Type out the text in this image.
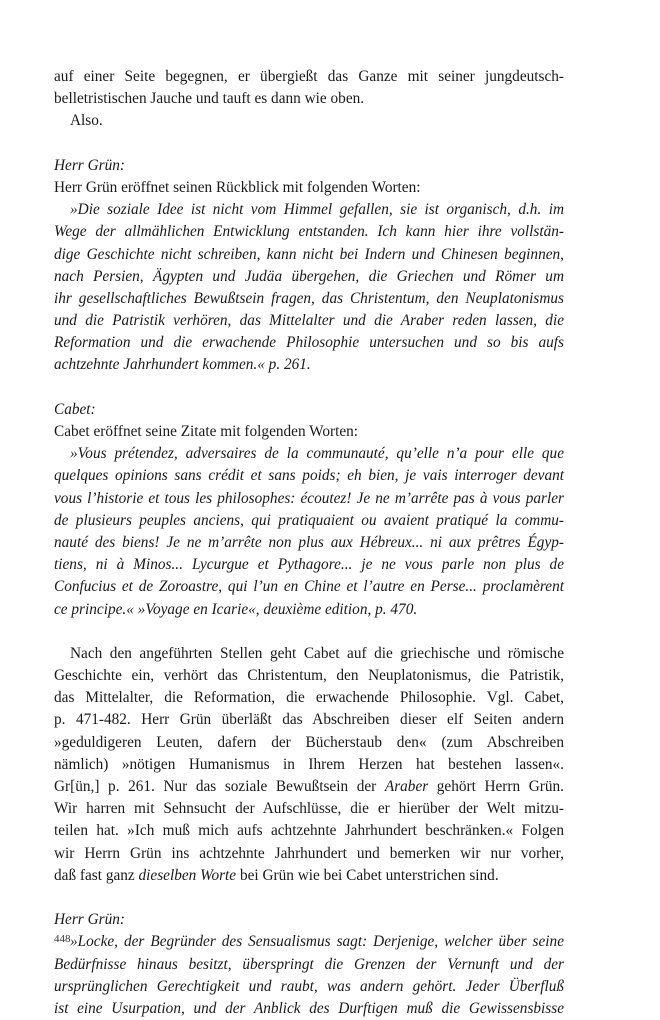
auf einer Seite begegnen, er übergießt das Ganze mit seiner jungdeutsch-
belletristischen Jauche und tauft es dann wie oben.
Also.
Herr Grün:
Herr Grün eröffnet seinen Rückblick mit folgenden Worten:
»Die soziale Idee ist nicht vom Himmel gefallen, sie ist organisch, d.h. im
Wege der allmählichen Entwicklung entstanden. Ich kann hier ihre vollstän-
dige Geschichte nicht schreiben, kann nicht bei Indern und Chinesen beginnen,
nach Persien, Ägypten und Judäa übergehen, die Griechen und Römer um
ihr gesellschaftliches Bewußtsein fragen, das Christentum, den Neuplatonismus
und die Patristik verhören, das Mittelalter und die Araber reden lassen, die
Reformation und die erwachende Philosophie untersuchen und so bis aufs
achtzehnte Jahrhundert kommen.« p. 261.
Cabet:
Cabet eröffnet seine Zitate mit folgenden Worten:
»Vous prétendez, adversaires de la communauté, qu’elle n’a pour elle que
quelques opinions sans crédit et sans poids; eh bien, je vais interroger devant
vous l’historie et tous les philosophes: écoutez! Je ne m’arrête pas à vous parler
de plusieurs peuples anciens, qui pratiquaient ou avaient pratiqué la commu-
nauté des biens! Je ne m’arrête non plus aux Hébreux... ni aux prêtres Égyp-
tiens, ni à Minos... Lycurgue et Pythagore... je ne vous parle non plus de
Confucius et de Zoroastre, qui l’un en Chine et l’autre en Perse... proclamèrent
ce principe.« »Voyage en Icarie«, deuxième edition, p. 470.
Nach den angeführten Stellen geht Cabet auf die griechische und römische
Geschichte ein, verhört das Christentum, den Neuplatonismus, die Patristik,
das Mittelalter, die Reformation, die erwachende Philosophie. Vgl. Cabet,
p. 471-482. Herr Grün überläßt das Abschreiben dieser elf Seiten andern
»geduldigeren Leuten, dafern der Bücherstaub den« (zum Abschreiben
nämlich) »nötigen Humanismus in Ihrem Herzen hat bestehen lassen«.
Gr[ün,] p. 261. Nur das soziale Bewußtsein der Araber gehört Herrn Grün.
Wir harren mit Sehnsucht der Aufschlüsse, die er hierüber der Welt mitzu-
teilen hat. »Ich muß mich aufs achtzehnte Jahrhundert beschränken.« Folgen
wir Herrn Grün ins achtzehnte Jahrhundert und bemerken wir nur vorher,
daß fast ganz dieselben Worte bei Grün wie bei Cabet unterstrichen sind.
Herr Grün:
»Locke, der Begründer des Sensualismus sagt: Derjenige, welcher über seine
Bedürfnisse hinaus besitzt, überspringt die Grenzen der Vernunft und der
ursprünglichen Gerechtigkeit und raubt, was andern gehört. Jeder Überfluß
ist eine Usurpation, und der Anblick des Durftigen muß die Gewissensbisse
448
